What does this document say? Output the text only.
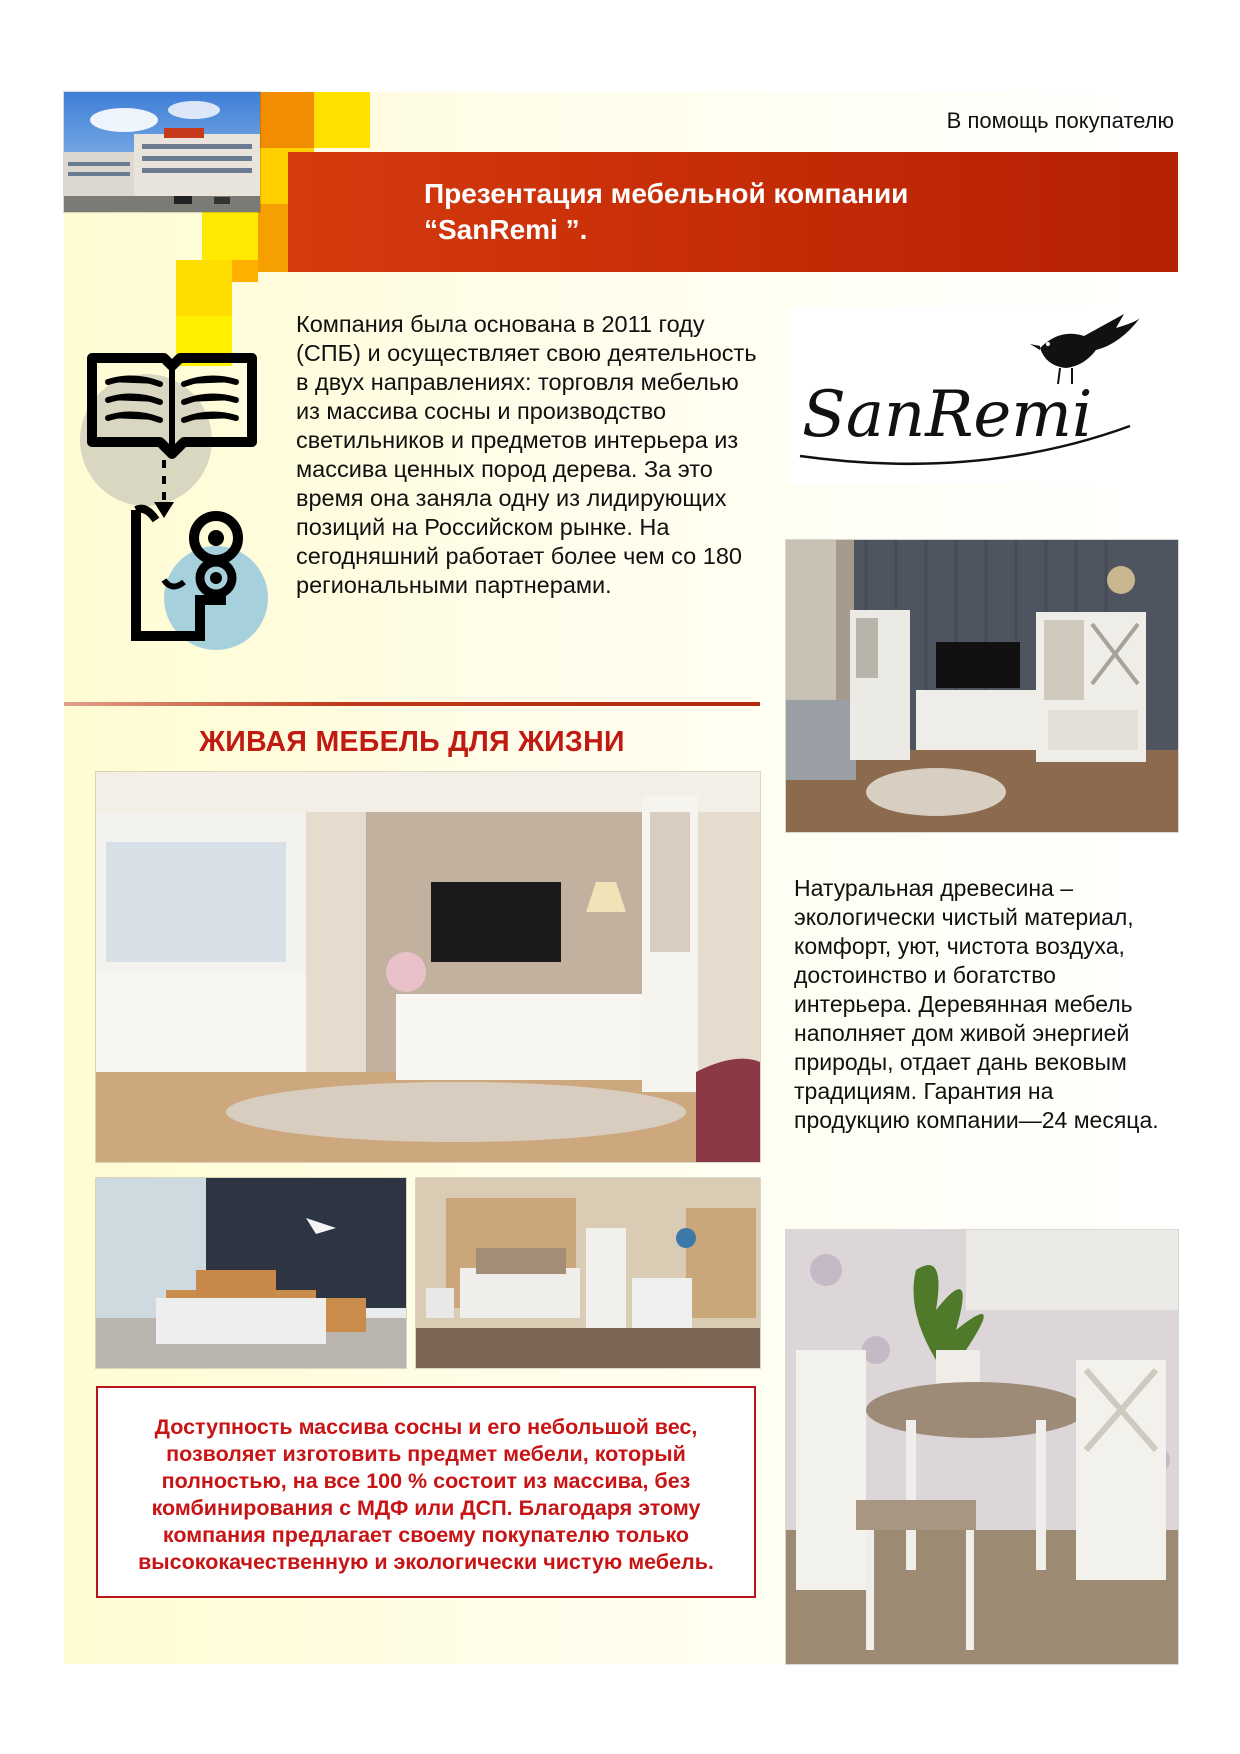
В помощь покупателю
Презентация мебельной компании
“SanRemi ”.
Компания была основана в 2011 году (СПБ) и осуществляет свою деятельность в двух направлениях: торговля мебелью из массива сосны и производство светильников и предметов интерьера из массива ценных пород дерева. За это время она заняла одну из лидирующих позиций на Российском рынке. На сегодняшний работает более чем со 180 региональными партнерами.
SanRemi
Натуральная древесина – экологически чистый материал, комфорт, уют, чистота воздуха, достоинство и богатство интерьера. Деревянная мебель наполняет дом живой энергией природы, отдает дань вековым традициям. Гарантия на продукцию компании—24 месяца.
ЖИВАЯ МЕБЕЛЬ ДЛЯ ЖИЗНИ
Доступность массива сосны и его небольшой вес, позволяет изготовить предмет мебели, который полностью, на все 100 % состоит из массива, без комбинирования с МДФ или ДСП. Благодаря этому компания предлагает своему покупателю только высококачественную и экологически чистую мебель.
